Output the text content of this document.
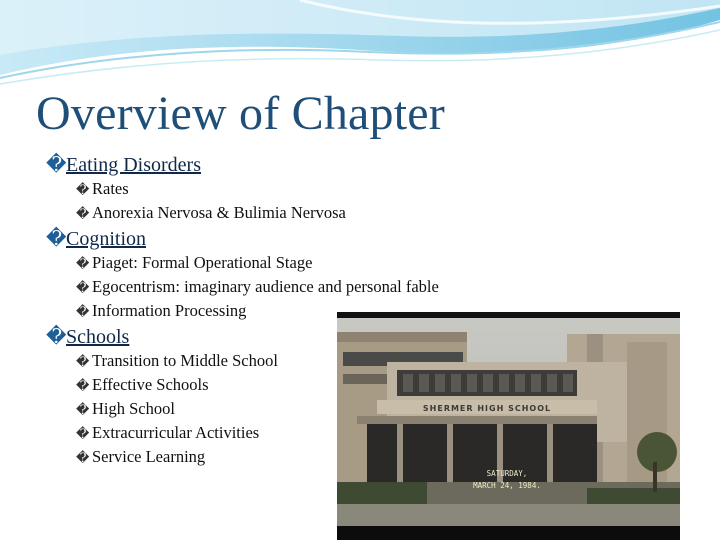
Overview of Chapter
�Eating Disorders
� Rates
� Anorexia Nervosa & Bulimia Nervosa
�Cognition
� Piaget: Formal Operational Stage
� Egocentrism: imaginary audience and personal fable
� Information Processing
�Schools
� Transition to Middle School
� Effective Schools
� High School
� Extracurricular Activities
� Service Learning
SHERMER HIGH SCHOOL
SATURDAY,
MARCH 24, 1984.
